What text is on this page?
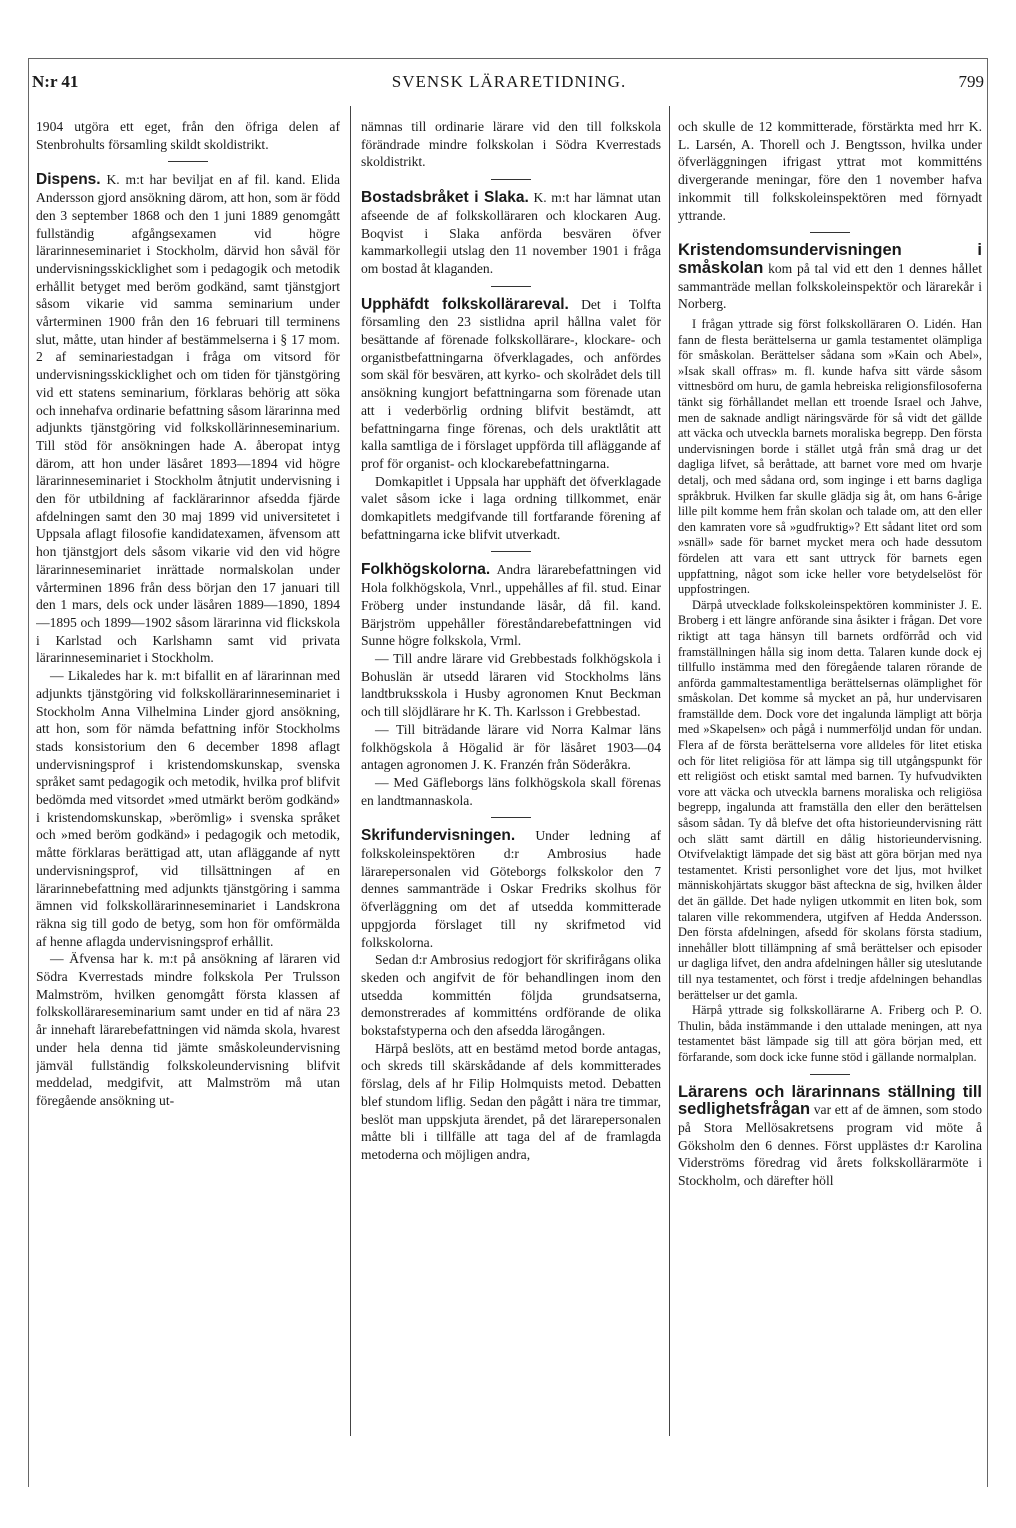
N:r 41	SVENSK LÄRARETIDNING.	799

1904 utgöra ett eget, från den öfriga delen af Stenbrohults församling skildt skoldistrikt.

Dispens. K. m:t har beviljat en af fil. kand. Elida Andersson gjord ansökning därom, att hon, som är född den 3 september 1868 och den 1 juni 1889 genomgått fullständig afgångsexamen vid högre lärarinneseminariet i Stockholm, därvid hon såväl för undervisningsskicklighet som i pedagogik och metodik erhållit betyget med beröm godkänd, samt tjänstgjort såsom vikarie vid samma seminarium under vårterminen 1900 från den 16 februari till terminens slut, måtte, utan hinder af bestämmelserna i § 17 mom. 2 af seminariestadgan i fråga om vitsord för undervisningsskicklighet och om tiden för tjänstgöring vid ett statens seminarium, förklaras behörig att söka och innehafva ordinarie befattning såsom lärarinna med adjunkts tjänstgöring vid folkskollärinneseminarium. Till stöd för ansökningen hade A. åberopat intyg därom, att hon under läsåret 1893—1894 vid högre lärarinneseminariet i Stockholm åtnjutit undervisning i den för utbildning af facklärarinnor afsedda fjärde afdelningen samt den 30 maj 1899 vid universitetet i Uppsala aflagt filosofie kandidatexamen, äfvensom att hon tjänstgjort dels såsom vikarie vid den vid högre lärarinneseminariet inrättade normalskolan under vårterminen 1896 från dess början den 17 januari till den 1 mars, dels ock under läsåren 1889—1890, 1894—1895 och 1899—1902 såsom lärarinna vid flickskola i Karlstad och Karlshamn samt vid privata lärarinneseminariet i Stockholm.

— Likaledes har k. m:t bifallit en af lärarinnan med adjunkts tjänstgöring vid folkskollärarinneseminariet i Stockholm Anna Vilhelmina Linder gjord ansökning, att hon, som för nämda befattning inför Stockholms stads konsistorium den 6 december 1898 aflagt undervisningsprof i kristendomskunskap, svenska språket samt pedagogik och metodik, hvilka prof blifvit bedömda med vitsordet »med utmärkt beröm godkänd» i kristendomskunskap, »berömlig» i svenska språket och »med beröm godkänd» i pedagogik och metodik, måtte förklaras berättigad att, utan afläggande af nytt undervisningsprof, vid tillsättningen af en lärarinnebefattning med adjunkts tjänstgöring i samma ämnen vid folkskollärarinneseminariet i Landskrona räkna sig till godo de betyg, som hon för omförmälda af henne aflagda undervisningsprof erhållit.

— Äfvensa har k. m:t på ansökning af läraren vid Södra Kverrestads mindre folkskola Per Trulsson Malmström, hvilken genomgått första klassen af folkskollärareseminarium samt under en tid af nära 23 år innehaft lärarebefattningen vid nämda skola, hvarest under hela denna tid jämte småskoleundervisning jämväl fullständig folkskoleundervisning blifvit meddelad, medgifvit, att Malmström må utan föregående ansökning ut-

nämnas till ordinarie lärare vid den till folkskola förändrade mindre folkskolan i Södra Kverrestads skoldistrikt.

Bostadsbråket i Slaka. K. m:t har lämnat utan afseende de af folkskolläraren och klockaren Aug. Boqvist i Slaka anförda besvären öfver kammarkollegii utslag den 11 november 1901 i fråga om bostad åt klaganden.

Upphäfdt folkskollärareval. Det i Tolfta församling den 23 sistlidna april hållna valet för besättande af förenade folkskollärare-, klockare- och organistbefattningarna öfverklagades, och anfördes som skäl för besvären, att kyrko- och skolrådet dels till ansökning kungjort befattningarna som förenade utan att i vederbörlig ordning blifvit bestämdt, att befattningarna finge förenas, och dels uraktlåtit att kalla samtliga de i förslaget uppförda till afläggande af prof för organist- och klockarebefattningarna.

Domkapitlet i Uppsala har upphäft det öfverklagade valet såsom icke i laga ordning tillkommet, enär domkapitlets medgifvande till fortfarande förening af befattningarna icke blifvit utverkadt.

Folkhögskolorna. Andra lärarebefattningen vid Hola folkhögskola, Vnrl., uppehålles af fil. stud. Einar Fröberg under instundande läsår, då fil. kand. Bärjström uppehåller föreståndarebefattningen vid Sunne högre folkskola, Vrml.

— Till andre lärare vid Grebbestads folkhögskola i Bohuslän är utsedd läraren vid Stockholms läns landtbruksskola i Husby agronomen Knut Beckman och till slöjdlärare hr K. Th. Karlsson i Grebbestad.

— Till biträdande lärare vid Norra Kalmar läns folkhögskola å Högalid är för läsåret 1903—04 antagen agronomen J. K. Franzén från Söderåkra.

— Med Gäfleborgs läns folkhögskola skall förenas en landtmannaskola.

Skrifundervisningen. Under ledning af folkskoleinspektören d:r Ambrosius hade lärarepersonalen vid Göteborgs folkskolor den 7 dennes sammanträde i Oskar Fredriks skolhus för öfverläggning om det af utsedda kommitterade uppgjorda förslaget till ny skrifmetod vid folkskolorna.

Sedan d:r Ambrosius redogjort för skrifirågans olika skeden och angifvit de för behandlingen inom den utsedda kommittén följda grundsatserna, demonstrerades af kommitténs ordförande de olika bokstafstyperna och den afsedda lärogången.

Härpå beslöts, att en bestämd metod borde antagas, och skreds till skärskådande af dels kommitterades förslag, dels af hr Filip Holmquists metod. Debatten blef stundom liflig. Sedan den pågått i nära tre timmar, beslöt man uppskjuta ärendet, på det lärarepersonalen måtte bli i tillfälle att taga del af de framlagda metoderna och möjligen andra,

och skulle de 12 kommitterade, förstärkta med hrr K. L. Larsén, A. Thorell och J. Bengtsson, hvilka under öfverläggningen ifrigast yttrat mot kommitténs divergerande meningar, före den 1 november hafva inkommit till folkskoleinspektören med förnyadt yttrande.

Kristendomsundervisningen i småskolan kom på tal vid ett den 1 dennes hållet sammanträde mellan folkskoleinspektör och lärarekår i Norberg.

I frågan yttrade sig först folkskolläraren O. Lidén. Han fann de flesta berättelserna ur gamla testamentet olämpliga för småskolan. Berättelser sådana som »Kain och Abel», »Isak skall offras» m. fl. kunde hafva sitt värde såsom vittnesbörd om huru, de gamla hebreiska religionsfilosoferna tänkt sig förhållandet mellan ett troende Israel och Jahve, men de saknade andligt näringsvärde för så vidt det gällde att väcka och utveckla barnets moraliska begrepp. Den första undervisningen borde i stället utgå från små drag ur det dagliga lifvet, så beråttade, att barnet vore med om hvarje detalj, och med sådana ord, som inginge i ett barns dagliga språkbruk. Hvilken far skulle glädja sig åt, om hans 6-årige lille pilt komme hem från skolan och talade om, att den eller den kamraten vore så »gudfruktig»? Ett sådant litet ord som »snäll» sade för barnet mycket mera och hade dessutom fördelen att vara ett sant uttryck för barnets egen uppfattning, något som icke heller vore betydelselöst för uppfostringen.

Därpå utvecklade folkskoleinspektören komminister J. E. Broberg i ett längre anförande sina åsikter i frågan. Det vore riktigt att taga hänsyn till barnets ordförråd och vid framställningen hålla sig inom detta. Talaren kunde dock ej tillfullo instämma med den föregående talaren rörande de anförda gammaltestamentliga berättelsernas olämplighet för småskolan. Det komme så mycket an på, hur undervisaren framställde dem. Dock vore det ingalunda lämpligt att börja med »Skapelsen» och pågå i nummerföljd undan för undan. Flera af de första berättelserna vore alldeles för litet etiska och för litet religiösa för att lämpa sig till utgångspunkt för ett religiöst och etiskt samtal med barnen. Ty hufvudvikten vore att väcka och utveckla barnens moraliska och religiösa begrepp, ingalunda att framställa den eller den berättelsen såsom sådan. Ty då blefve det ofta historieundervisning rätt och slätt samt därtill en dålig historieundervisning. Otvifvelaktigt lämpade det sig bäst att göra början med nya testamentet. Kristi personlighet vore det ljus, mot hvilket människohjärtats skuggor bäst afteckna de sig, hvilken ålder det än gällde. Det hade nyligen utkommit en liten bok, som talaren ville rekommendera, utgifven af Hedda Andersson. Den första afdelningen, afsedd för skolans första stadium, innehåller blott tillämpning af små berättelser och episoder ur dagliga lifvet, den andra afdelningen håller sig uteslutande till nya testamentet, och först i tredje afdelningen behandlas berättelser ur det gamla.

Härpå yttrade sig folkskollärarne A. Friberg och P. O. Thulin, båda instämmande i den uttalade meningen, att nya testamentet bäst lämpade sig till att göra början med, ett förfarande, som dock icke funne stöd i gällande normalplan.

Lärarens och lärarinnans ställning till sedlighetsfrågan var ett af de ämnen, som stodo på Stora Mellösakretsens program vid möte å Göksholm den 6 dennes. Först upplästes d:r Karolina Viderströms föredrag vid årets folkskollärarmöte i Stockholm, och därefter höll
